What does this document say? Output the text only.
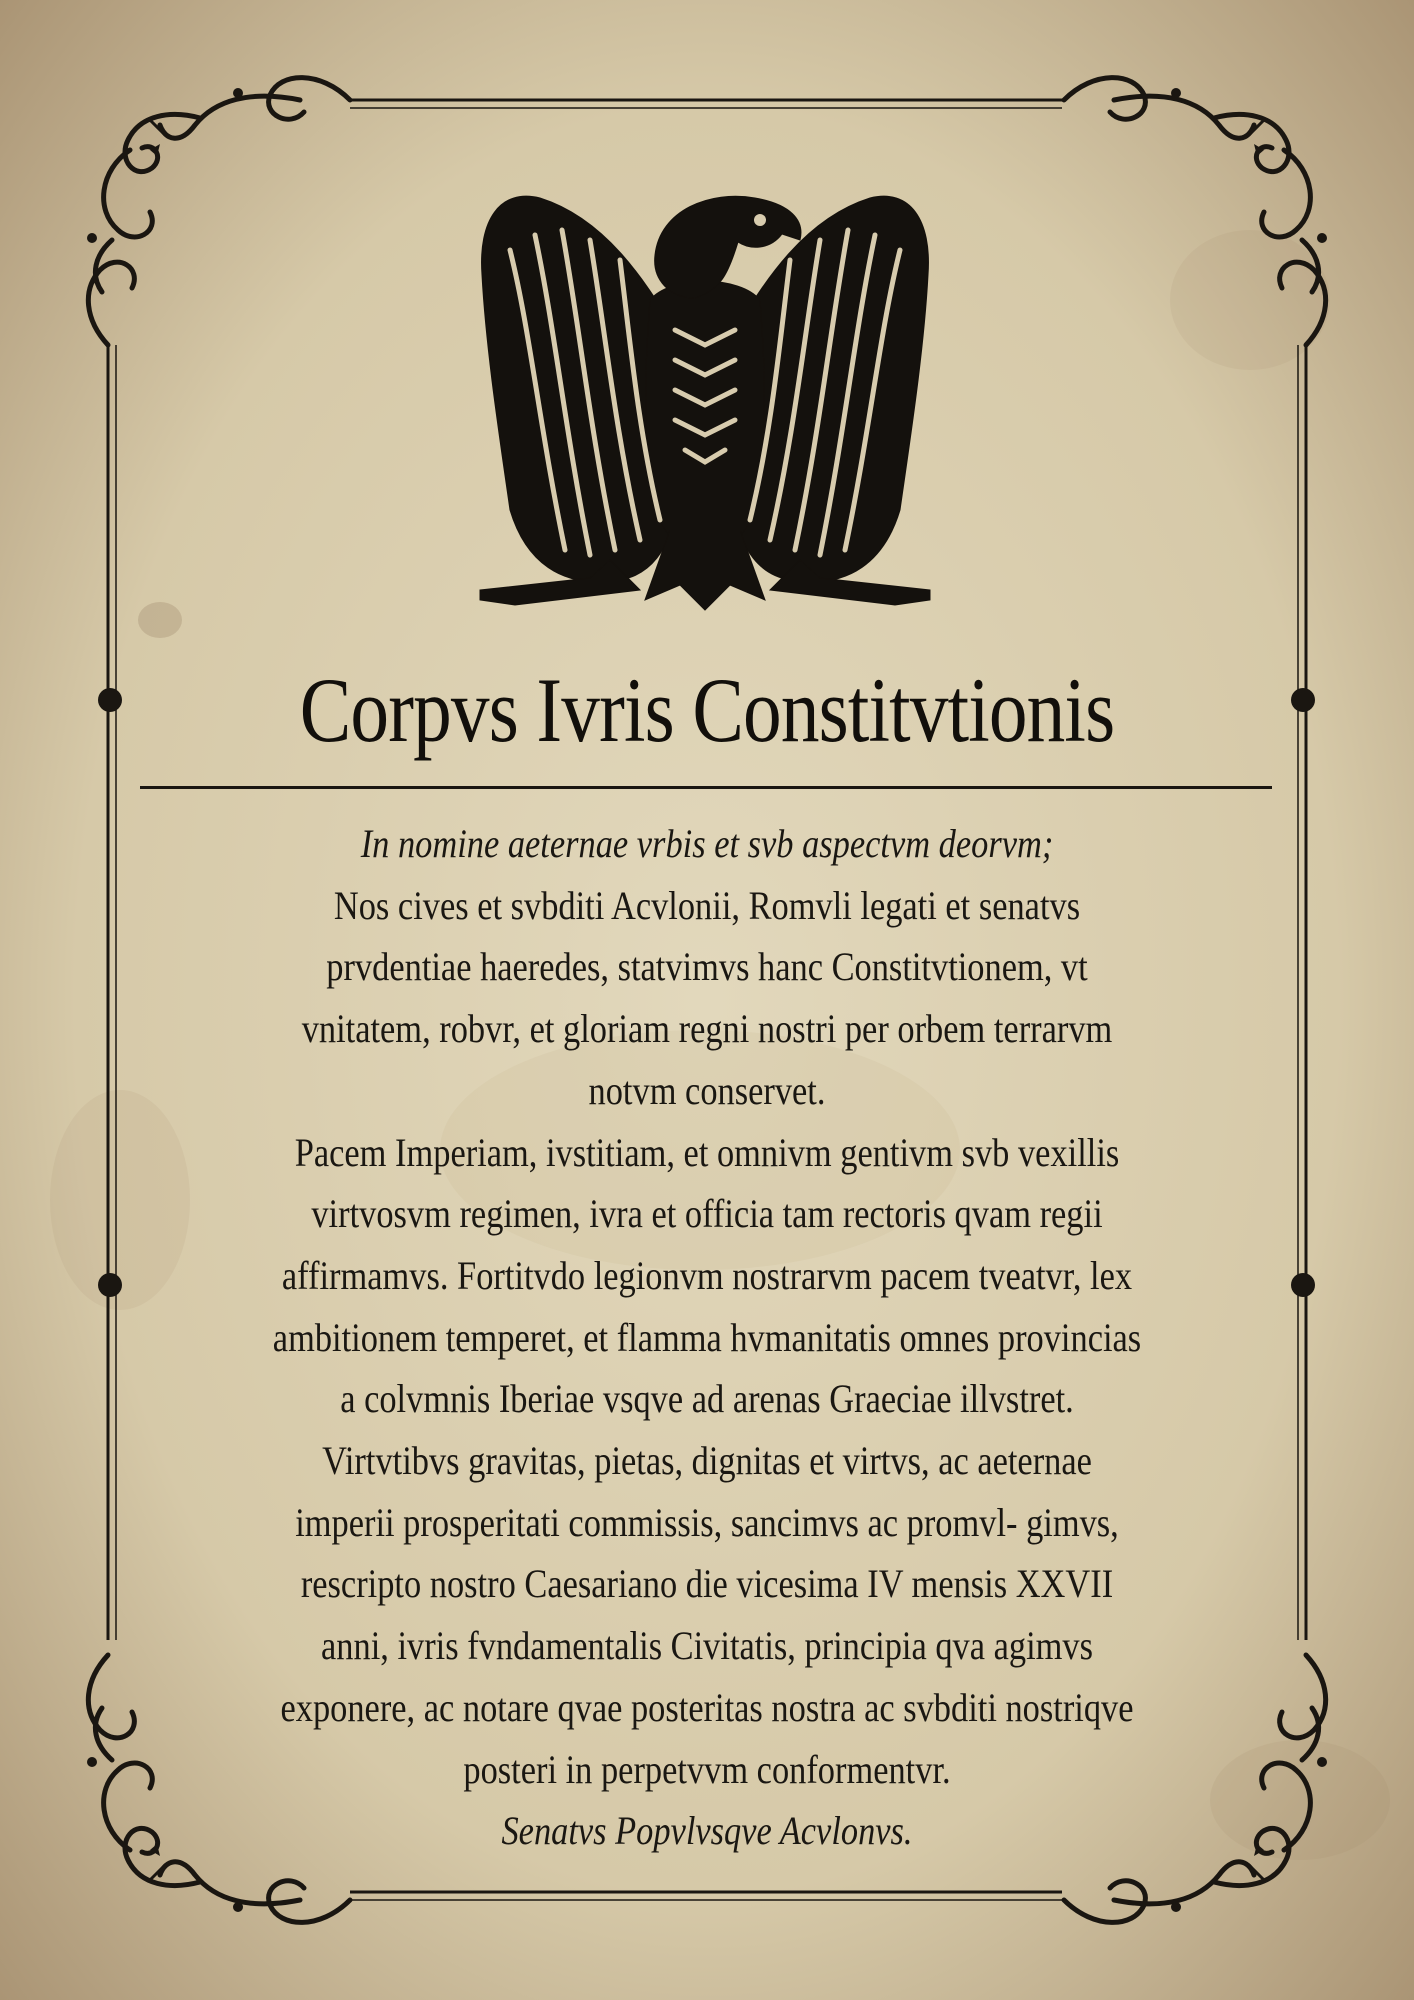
Corpvs Ivris Constitvtionis
In nomine aeternae vrbis et svb aspectvm deorvm;
Nos cives et svbditi Acvlonii, Romvli legati et senatvs
prvdentiae haeredes, statvimvs hanc Constitvtionem, vt
vnitatem, robvr, et gloriam regni nostri per orbem terrarvm
notvm conservet.
Pacem Imperiam, ivstitiam, et omnivm gentivm svb vexillis
virtvosvm regimen, ivra et officia tam rectoris qvam regii
affirmamvs. Fortitvdo legionvm nostrarvm pacem tveatvr, lex
ambitionem temperet, et flamma hvmanitatis omnes provincias
a colvmnis Iberiae vsqve ad arenas Graeciae illvstret.
Virtvtibvs gravitas, pietas, dignitas et virtvs, ac aeternae
imperii prosperitati commissis, sancimvs ac promvl- gimvs,
rescripto nostro Caesariano die vicesima IV mensis XXVII
anni, ivris fvndamentalis Civitatis, principia qva agimvs
exponere, ac notare qvae posteritas nostra ac svbditi nostriqve
posteri in perpetvvm conformentvr.
Senatvs Popvlvsqve Acvlonvs.
